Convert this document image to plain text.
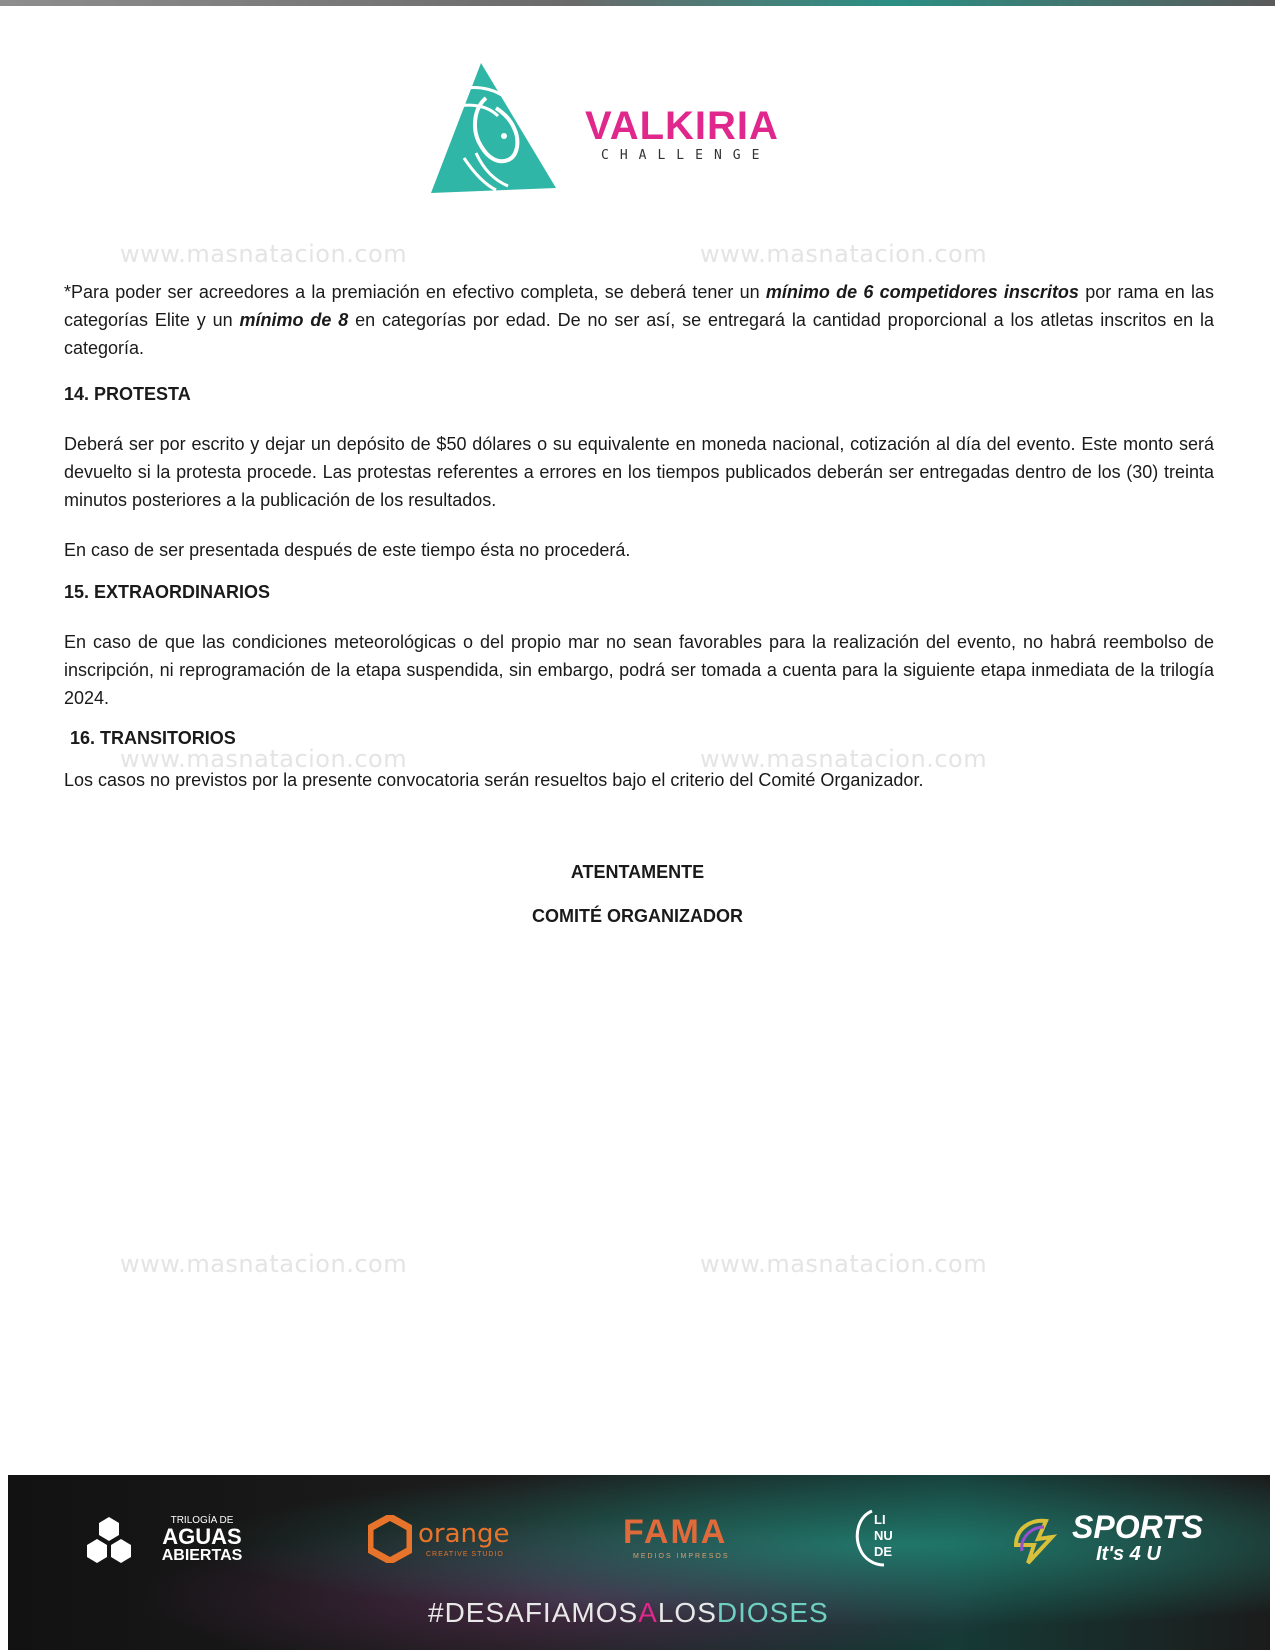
VALKIRIA
CHALLENGE
www.masnatacion.com	www.masnatacion.com
www.masnatacion.com	www.masnatacion.com
www.masnatacion.com	www.masnatacion.com

*Para poder ser acreedores a la premiación en efectivo completa, se deberá tener un mínimo de 6 competidores inscritos por rama en las categorías Elite y un mínimo de 8 en categorías por edad. De no ser así, se entregará la cantidad proporcional a los atletas inscritos en la categoría.

14. PROTESTA

Deberá ser por escrito y dejar un depósito de $50 dólares o su equivalente en moneda nacional, cotización al día del evento. Este monto será devuelto si la protesta procede. Las protestas referentes a errores en los tiempos publicados deberán ser entregadas dentro de los (30) treinta minutos posteriores a la publicación de los resultados.

En caso de ser presentada después de este tiempo ésta no procederá.

15. EXTRAORDINARIOS

En caso de que las condiciones meteorológicas o del propio mar no sean favorables para la realización del evento, no habrá reembolso de inscripción, ni reprogramación de la etapa suspendida, sin embargo, podrá ser tomada a cuenta para la siguiente etapa inmediata de la trilogía 2024.

16. TRANSITORIOS

Los casos no previstos por la presente convocatoria serán resueltos bajo el criterio del Comité Organizador.

ATENTAMENTE
COMITÉ ORGANIZADOR
TRILOGÍA DE
AGUAS
ABIERTAS
orange
CREATIVE STUDIO
FAMA
MEDIOS IMPRESOS
LI
NU
DE
SPORTS
It's 4 U
#DESAFIAMOSALOSDIOSES
